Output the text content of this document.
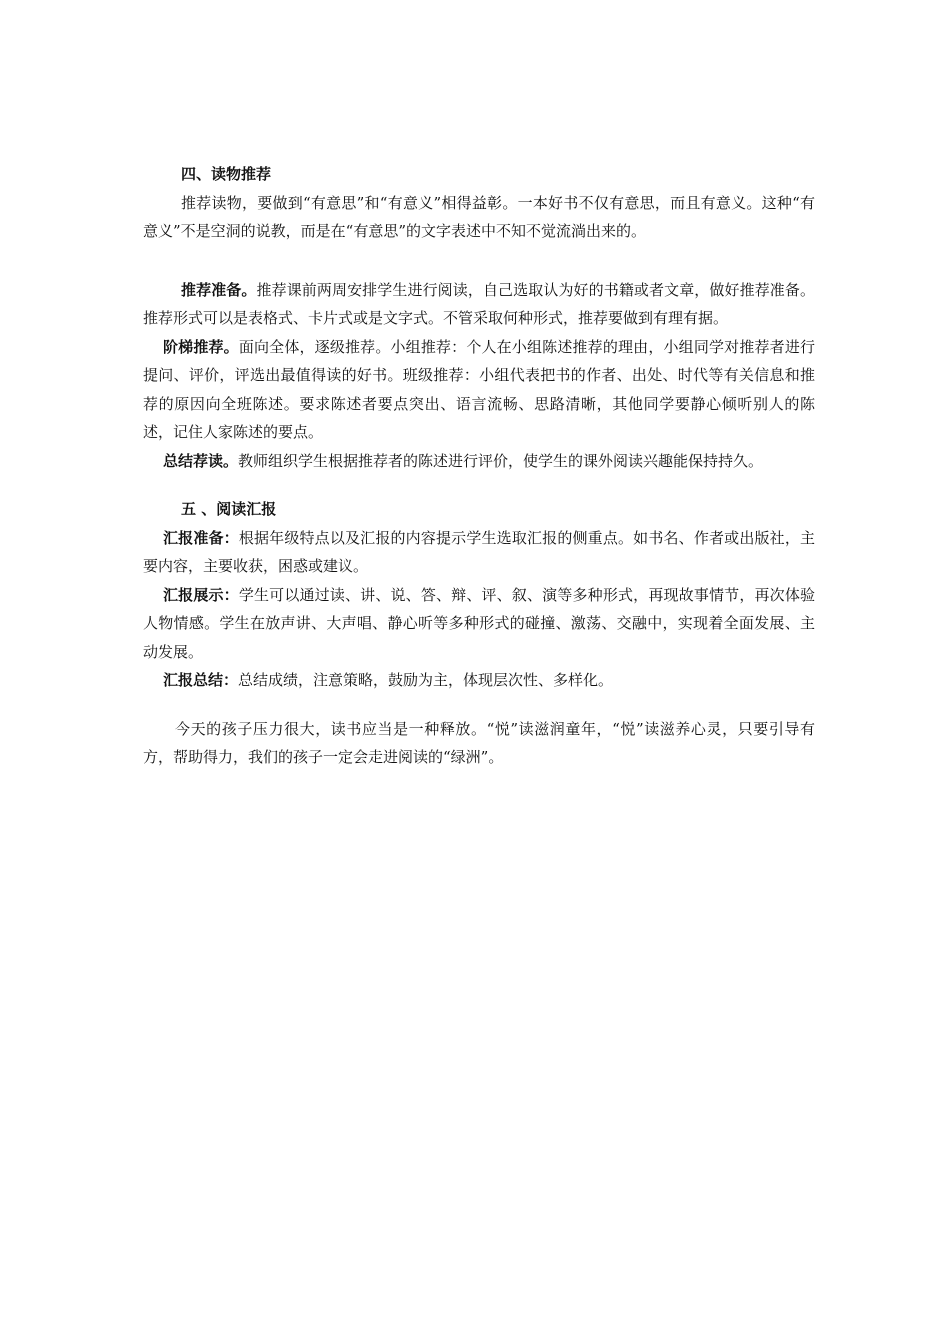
四、读物推荐

推荐读物，要做到“有意思”和“有意义”相得益彰。一本好书不仅有意思，而且有意义。这种“有意义”不是空洞的说教，而是在“有意思”的文字表述中不知不觉流淌出来的。

推荐准备。推荐课前两周安排学生进行阅读，自己选取认为好的书籍或者文章，做好推荐准备。推荐形式可以是表格式、卡片式或是文字式。不管采取何种形式，推荐要做到有理有据。

阶梯推荐。面向全体，逐级推荐。小组推荐：个人在小组陈述推荐的理由，小组同学对推荐者进行提问、评价，评选出最值得读的好书。班级推荐：小组代表把书的作者、出处、时代等有关信息和推荐的原因向全班陈述。要求陈述者要点突出、语言流畅、思路清晰，其他同学要静心倾听别人的陈述，记住人家陈述的要点。

总结荐读。教师组织学生根据推荐者的陈述进行评价，使学生的课外阅读兴趣能保持持久。

五 、阅读汇报

汇报准备：根据年级特点以及汇报的内容提示学生选取汇报的侧重点。如书名、作者或出版社，主要内容，主要收获，困惑或建议。

汇报展示：学生可以通过读、讲、说、答、辩、评、叙、演等多种形式，再现故事情节，再次体验人物情感。学生在放声讲、大声唱、静心听等多种形式的碰撞、激荡、交融中，实现着全面发展、主动发展。

汇报总结：总结成绩，注意策略，鼓励为主，体现层次性、多样化。

今天的孩子压力很大，读书应当是一种释放。“悦”读滋润童年，“悦”读滋养心灵，只要引导有方，帮助得力，我们的孩子一定会走进阅读的“绿洲”。
